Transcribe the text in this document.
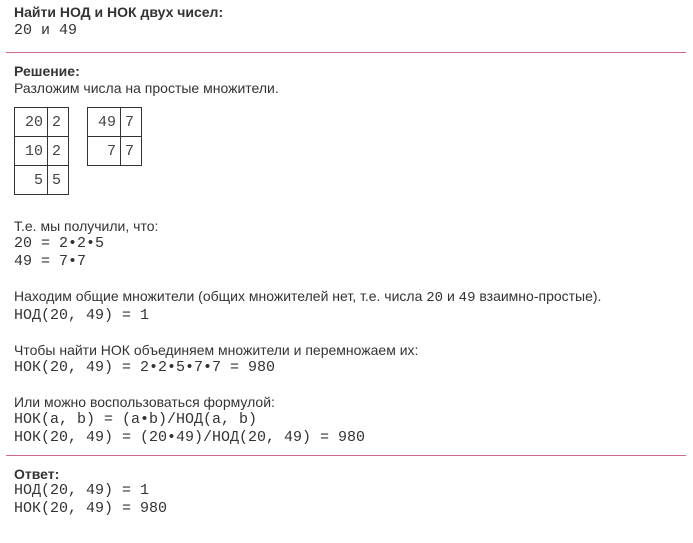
Найти НОД и НОК двух чисел:
20 и 49
Решение:
Разложим числа на простые множители.
20	2
10	2
5	5
49	7
7	7
Т.е. мы получили, что:
20 = 2•2•5
49 = 7•7
Находим общие множители (общих множителей нет, т.е. числа 20 и 49 взаимно-простые).
НОД(20, 49) = 1
Чтобы найти НОК объединяем множители и перемножаем их:
НОК(20, 49) = 2•2•5•7•7 = 980
Или можно воспользоваться формулой:
НОК(a, b) = (a•b)/НОД(a, b)
НОК(20, 49) = (20•49)/НОД(20, 49) = 980
Ответ:
НОД(20, 49) = 1
НОК(20, 49) = 980
